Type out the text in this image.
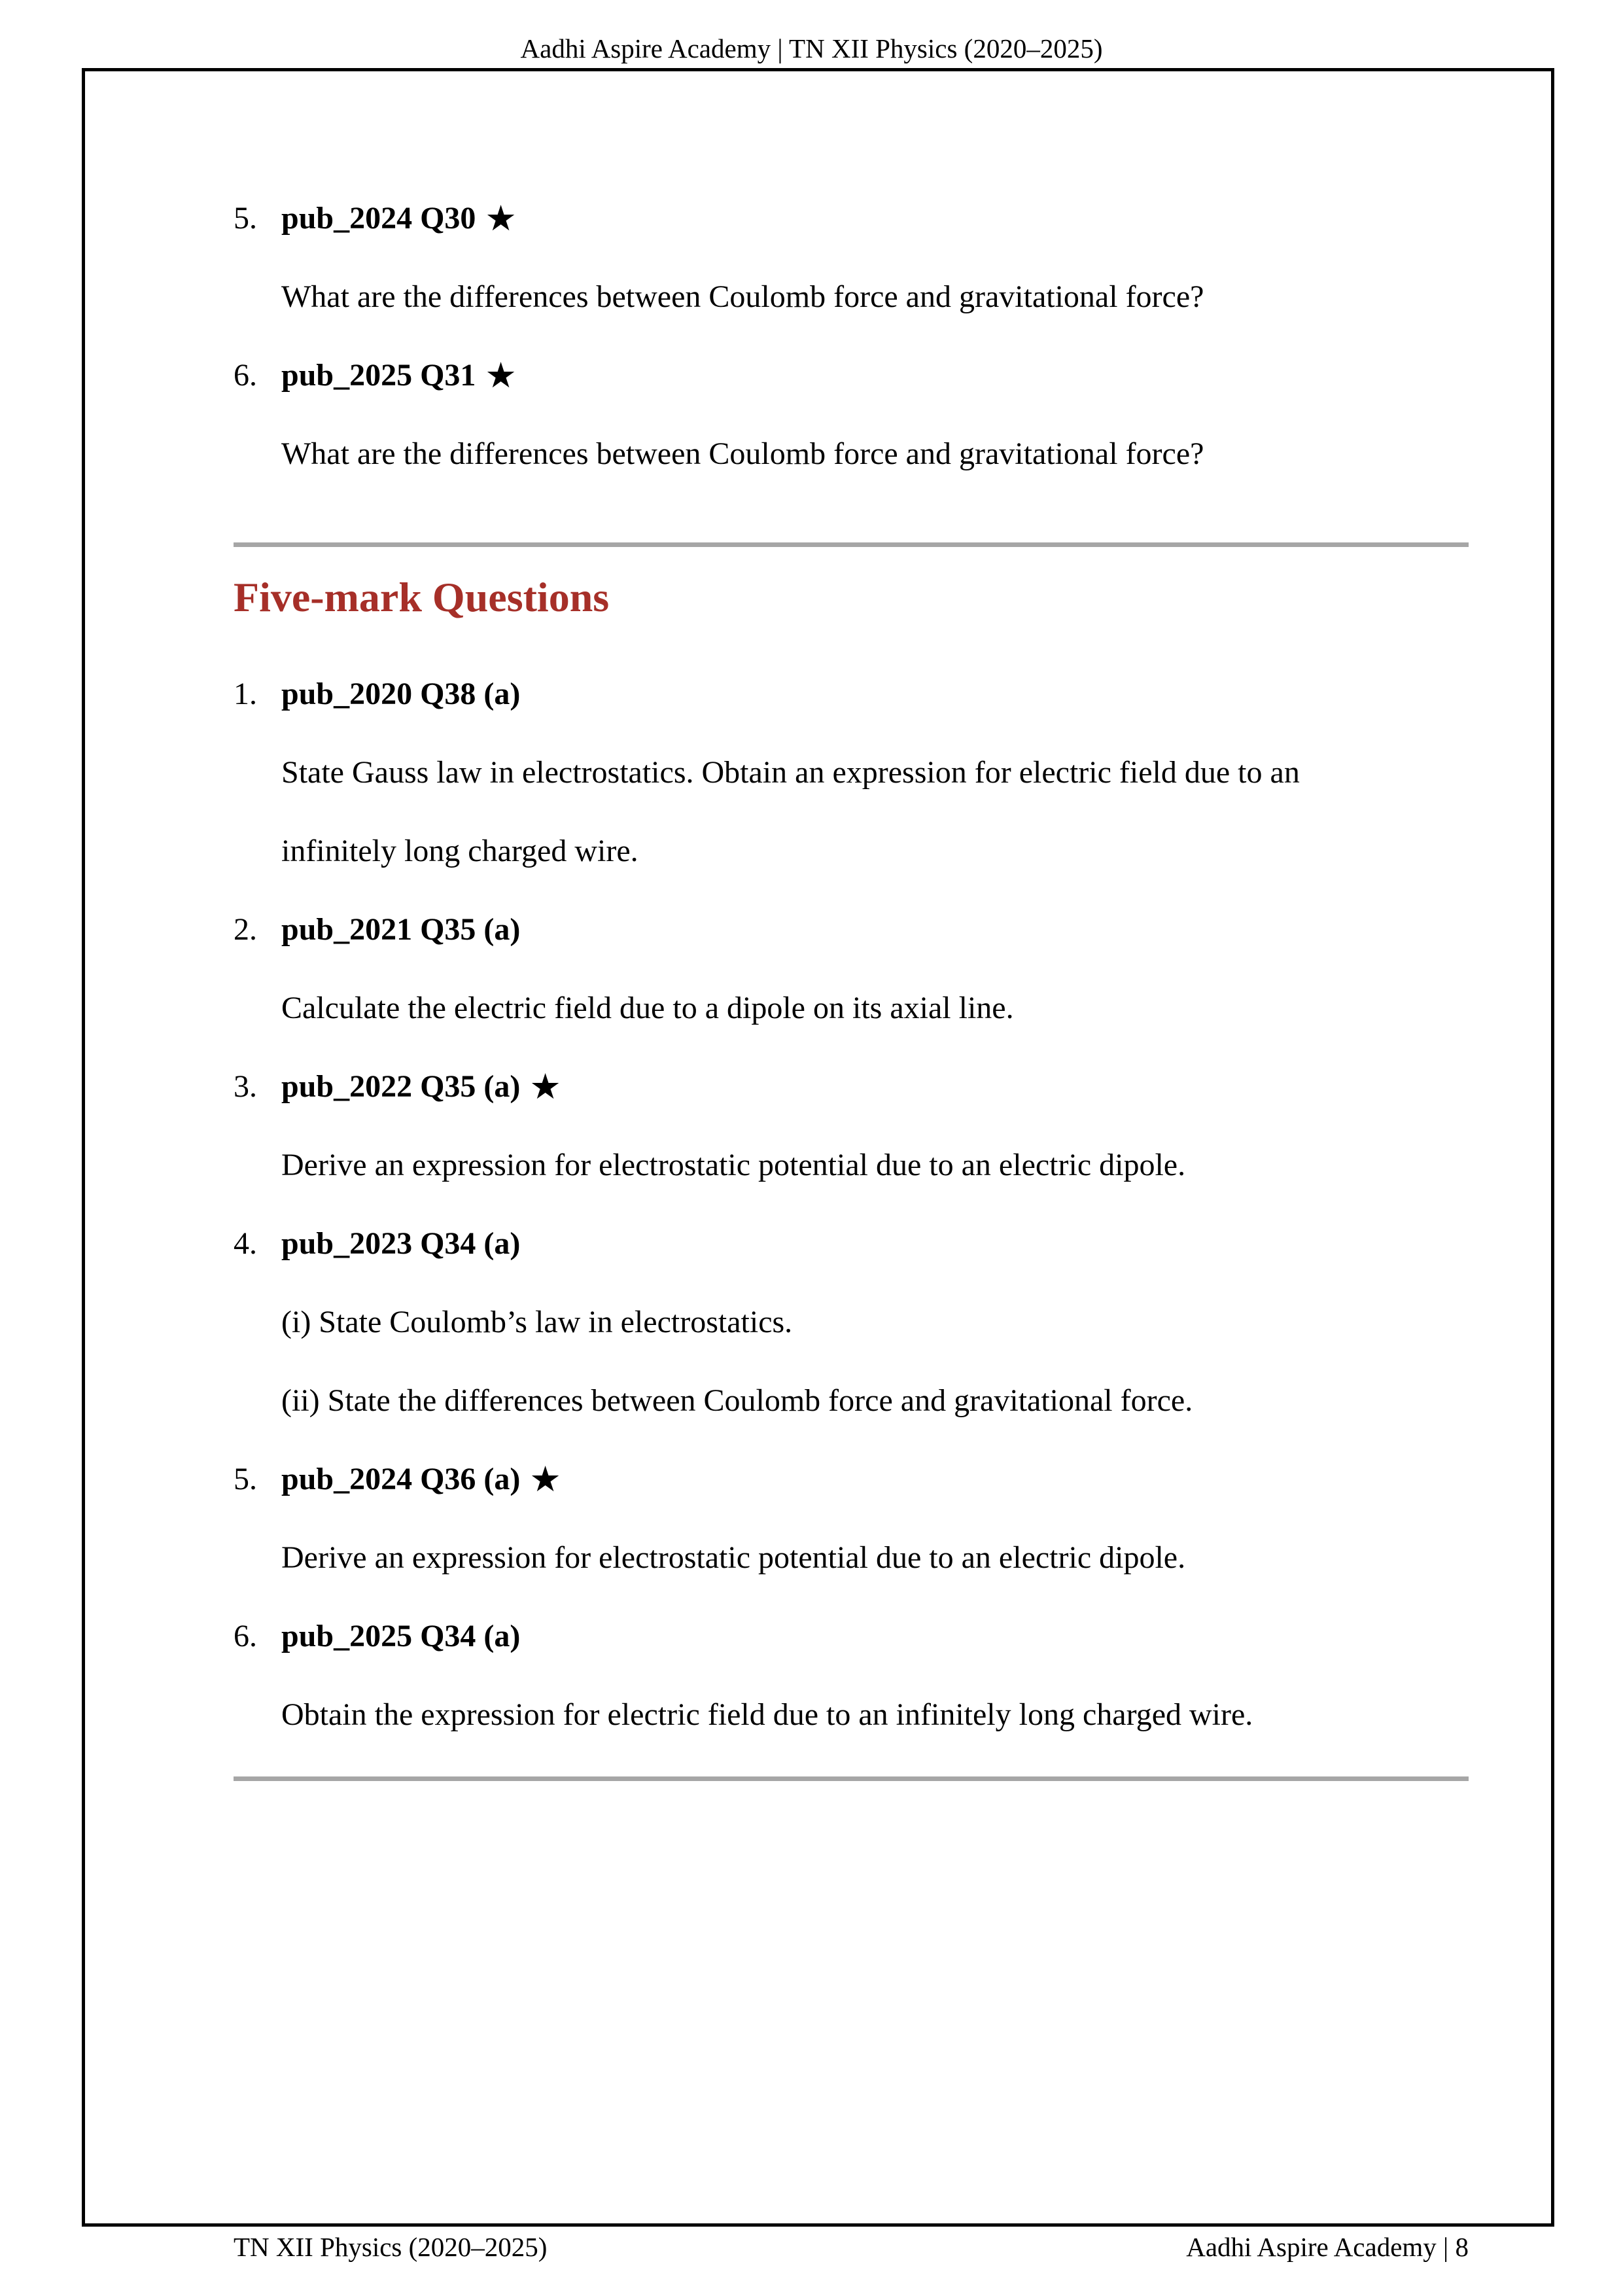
Aadhi Aspire Academy | TN XII Physics (2020–2025)
5. pub_2024 Q30 ★
What are the differences between Coulomb force and gravitational force?
6. pub_2025 Q31 ★
What are the differences between Coulomb force and gravitational force?
Five-mark Questions
1. pub_2020 Q38 (a)
State Gauss law in electrostatics. Obtain an expression for electric field due to an
infinitely long charged wire.
2. pub_2021 Q35 (a)
Calculate the electric field due to a dipole on its axial line.
3. pub_2022 Q35 (a) ★
Derive an expression for electrostatic potential due to an electric dipole.
4. pub_2023 Q34 (a)
(i) State Coulomb’s law in electrostatics.
(ii) State the differences between Coulomb force and gravitational force.
5. pub_2024 Q36 (a) ★
Derive an expression for electrostatic potential due to an electric dipole.
6. pub_2025 Q34 (a)
Obtain the expression for electric field due to an infinitely long charged wire.
TN XII Physics (2020–2025)	Aadhi Aspire Academy | 8
